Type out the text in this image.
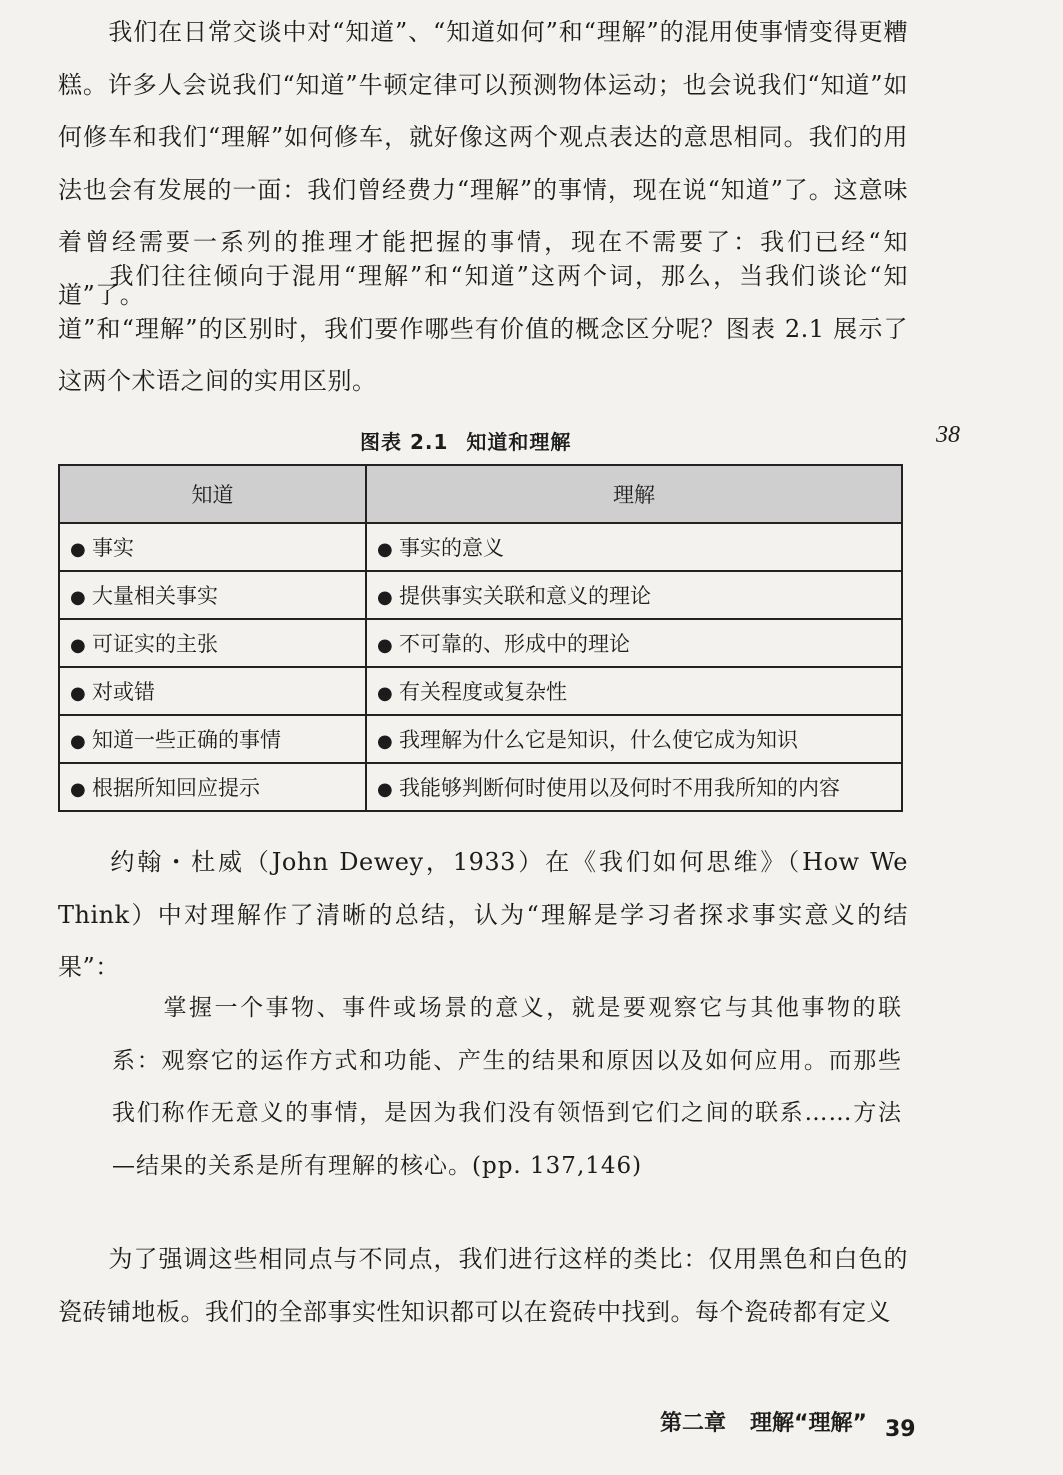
我们在日常交谈中对“知道”、“知道如何”和“理解”的混用使事情变得更糟糕。许多人会说我们“知道”牛顿定律可以预测物体运动；也会说我们“知道”如何修车和我们“理解”如何修车，就好像这两个观点表达的意思相同。我们的用法也会有发展的一面：我们曾经费力“理解”的事情，现在说“知道”了。这意味着曾经需要一系列的推理才能把握的事情，现在不需要了：我们已经“知道”了。

我们往往倾向于混用“理解”和“知道”这两个词，那么，当我们谈论“知道”和“理解”的区别时，我们要作哪些有价值的概念区分呢？图表 2.1 展示了这两个术语之间的实用区别。

38
图表 2.1 知道和理解
知道	理解
● 事实	● 事实的意义
● 大量相关事实	● 提供事实关联和意义的理论
● 可证实的主张	● 不可靠的、形成中的理论
● 对或错	● 有关程度或复杂性
● 知道一些正确的事情	● 我理解为什么它是知识，什么使它成为知识
● 根据所知回应提示	● 我能够判断何时使用以及何时不用我所知的内容

约翰・杜威（John Dewey，1933）在《我们如何思维》（How We Think）中对理解作了清晰的总结，认为“理解是学习者探求事实意义的结果”：

掌握一个事物、事件或场景的意义，就是要观察它与其他事物的联系：观察它的运作方式和功能、产生的结果和原因以及如何应用。而那些我们称作无意义的事情，是因为我们没有领悟到它们之间的联系……方法—结果的关系是所有理解的核心。(pp. 137,146)

为了强调这些相同点与不同点，我们进行这样的类比：仅用黑色和白色的瓷砖铺地板。我们的全部事实性知识都可以在瓷砖中找到。每个瓷砖都有定义

第二章 理解“理解” 39
